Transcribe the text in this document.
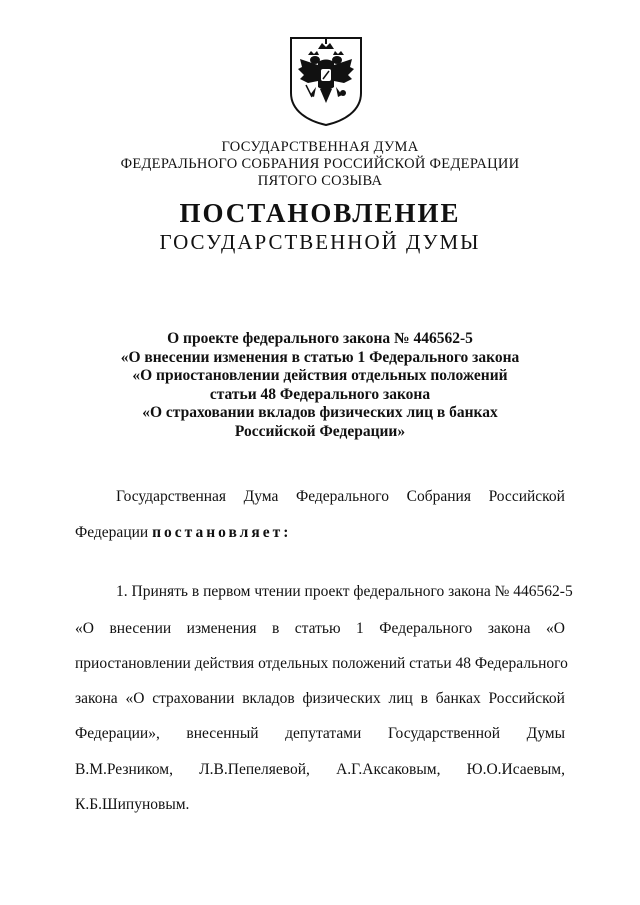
ГОСУДАРСТВЕННАЯ ДУМА
ФЕДЕРАЛЬНОГО СОБРАНИЯ РОССИЙСКОЙ ФЕДЕРАЦИИ
ПЯТОГО СОЗЫВА
ПОСТАНОВЛЕНИЕ
ГОСУДАРСТВЕННОЙ ДУМЫ
О проекте федерального закона № 446562-5
«О внесении изменения в статью 1 Федерального закона
«О приостановлении действия отдельных положений
статьи 48 Федерального закона
«О страховании вкладов физических лиц в банках
Российской Федерации»
Государственная Дума Федерального Собрания Российской
Федерации постановляет:
1. Принять в первом чтении проект федерального закона № 446562-5
«О внесении изменения в статью 1 Федерального закона «О
приостановлении действия отдельных положений статьи 48 Федерального
закона «О страховании вкладов физических лиц в банках Российской
Федерации», внесенный депутатами Государственной Думы
В.М.Резником, Л.В.Пепеляевой, А.Г.Аксаковым, Ю.О.Исаевым,
К.Б.Шипуновым.
